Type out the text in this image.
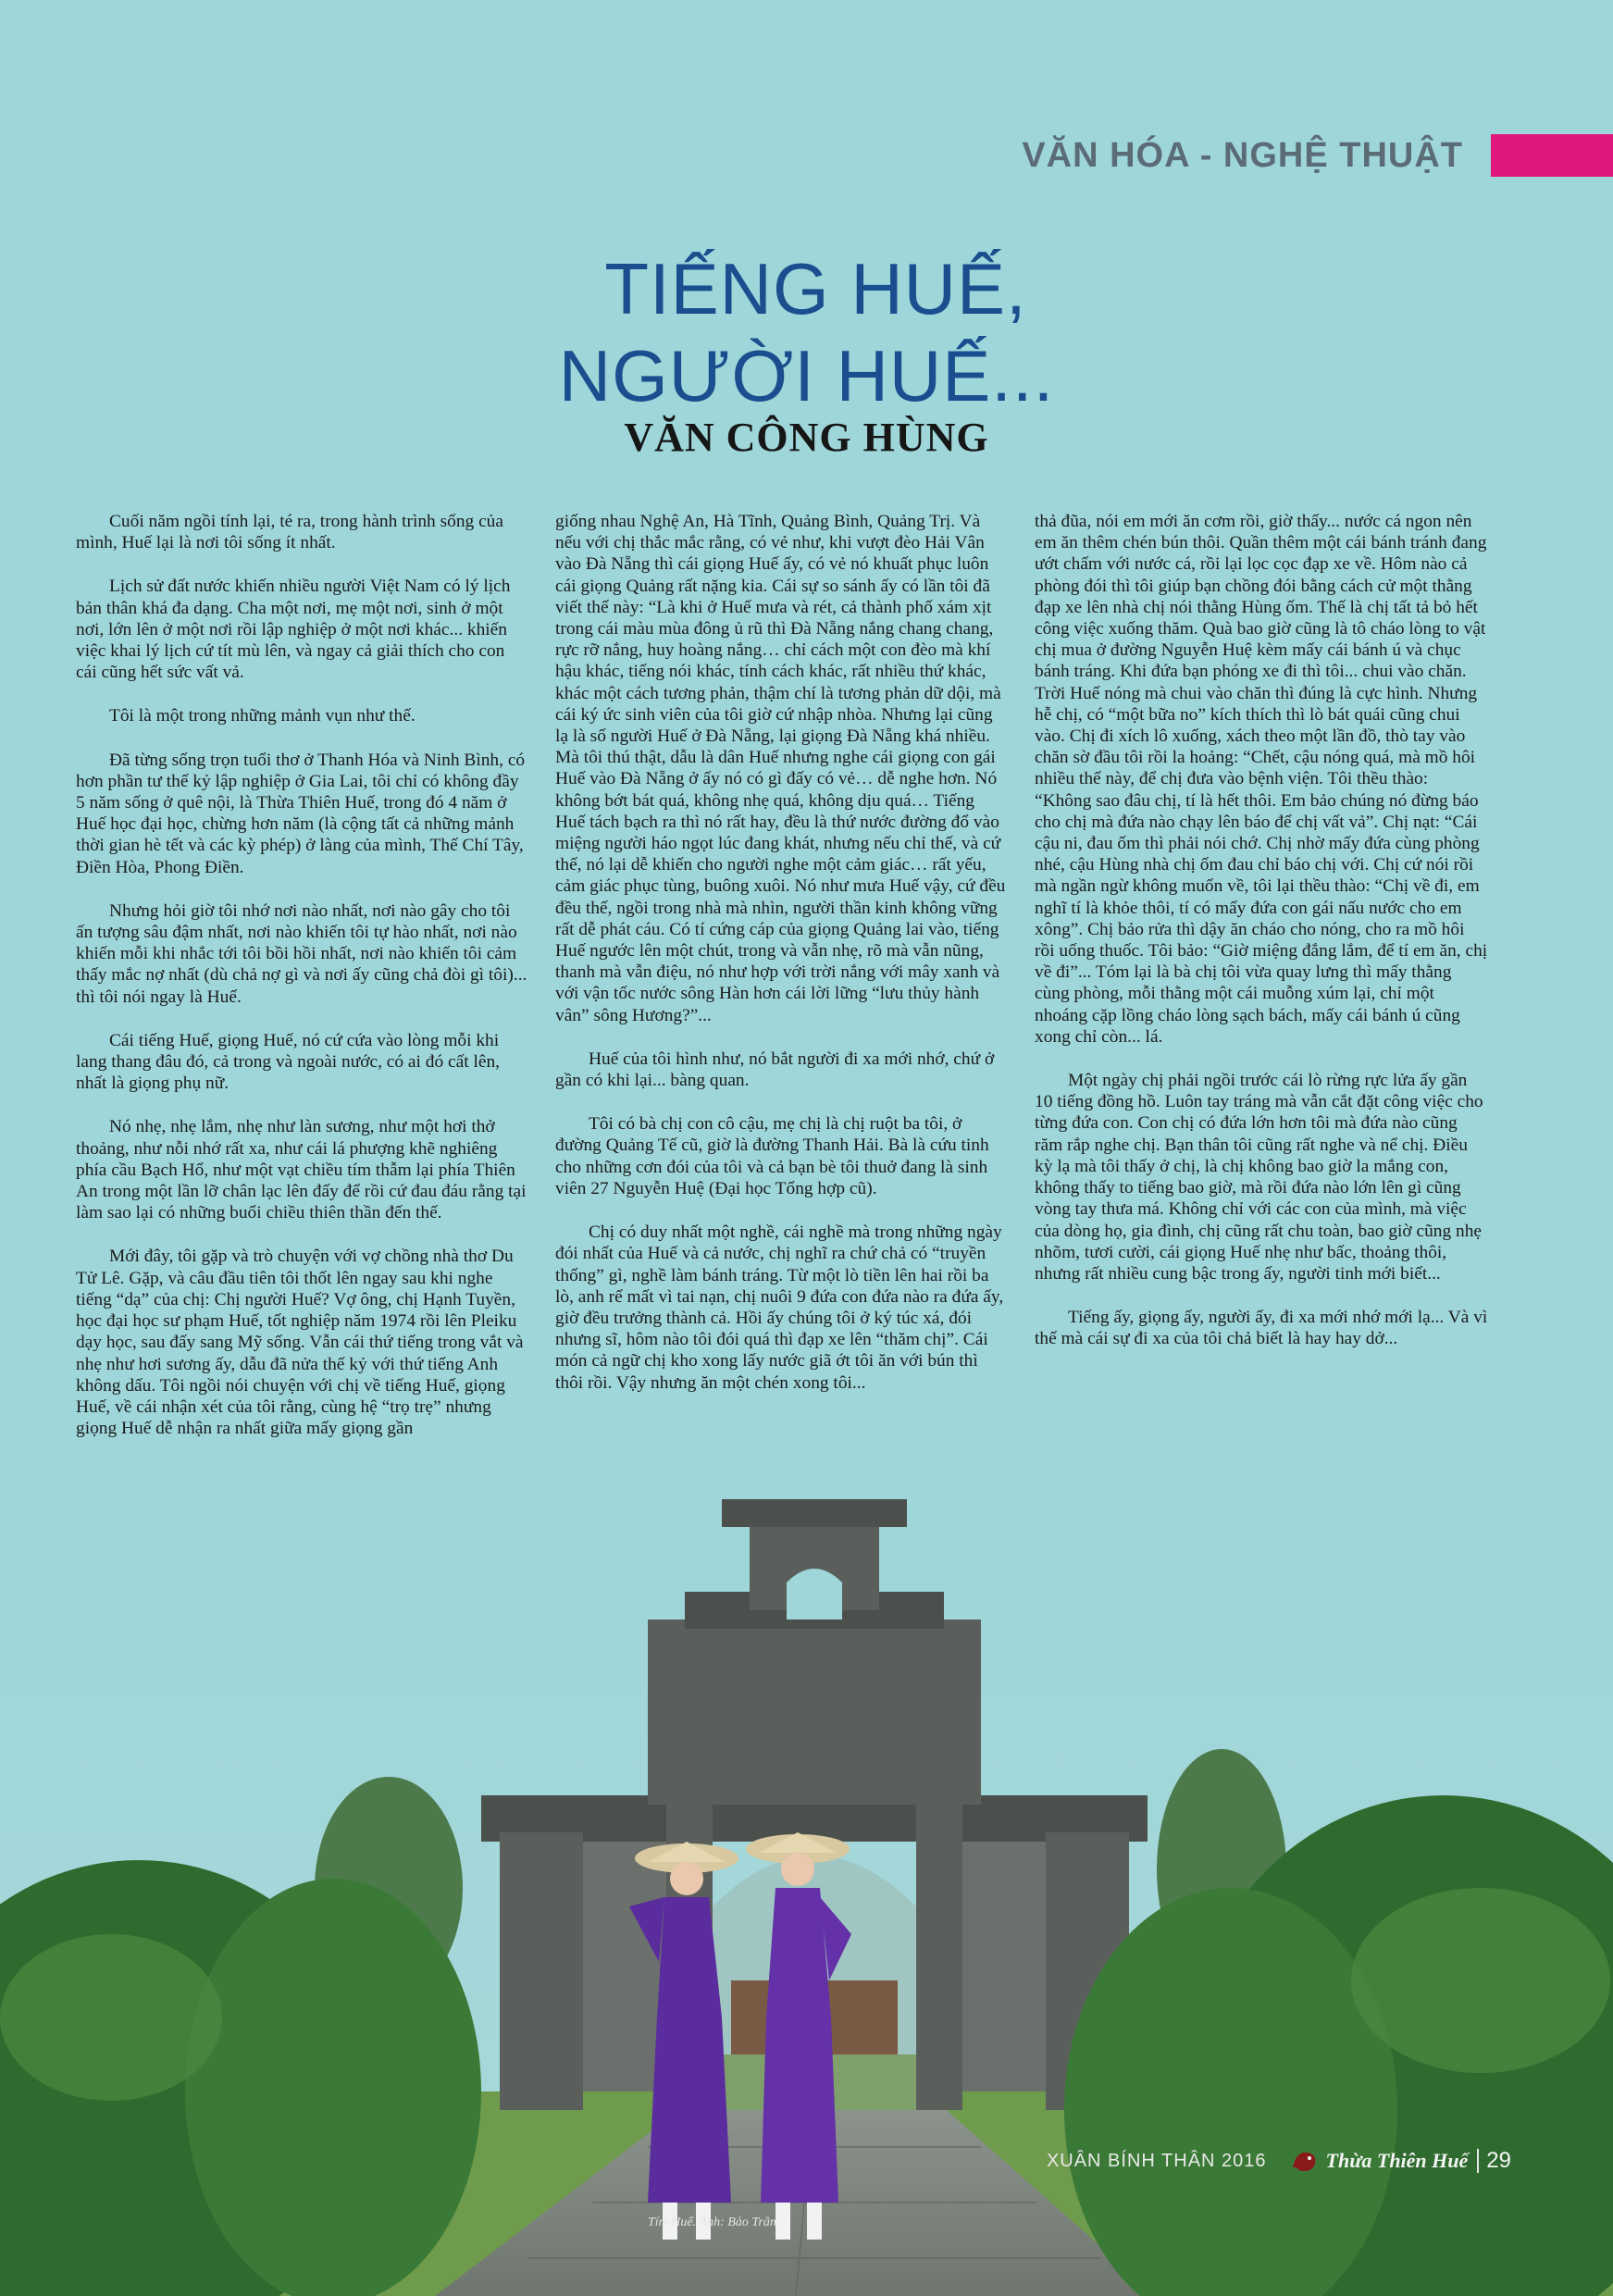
VĂN HÓA - NGHỆ THUẬT
TIẾNG HUẾ,
NGƯỜI HUẾ...
VĂN CÔNG HÙNG

Cuối năm ngồi tính lại, té ra, trong hành trình sống của mình, Huế lại là nơi tôi sống ít nhất.

Lịch sử đất nước khiến nhiều người Việt Nam có lý lịch bản thân khá đa dạng. Cha một nơi, mẹ một nơi, sinh ở một nơi, lớn lên ở một nơi rồi lập nghiệp ở một nơi khác... khiến việc khai lý lịch cứ tít mù lên, và ngay cả giải thích cho con cái cũng hết sức vất vả.

Tôi là một trong những mảnh vụn như thế.

Đã từng sống trọn tuổi thơ ở Thanh Hóa và Ninh Bình, có hơn phần tư thế kỷ lập nghiệp ở Gia Lai, tôi chỉ có không đầy 5 năm sống ở quê nội, là Thừa Thiên Huế, trong đó 4 năm ở Huế học đại học, chừng hơn năm (là cộng tất cả những mảnh thời gian hè tết và các kỳ phép) ở làng của mình, Thế Chí Tây, Điền Hòa, Phong Điền.

Nhưng hỏi giờ tôi nhớ nơi nào nhất, nơi nào gây cho tôi ấn tượng sâu đậm nhất, nơi nào khiến tôi tự hào nhất, nơi nào khiến mỗi khi nhắc tới tôi bồi hồi nhất, nơi nào khiến tôi cảm thấy mắc nợ nhất (dù chả nợ gì và nơi ấy cũng chả đòi gì tôi)... thì tôi nói ngay là Huế.

Cái tiếng Huế, giọng Huế, nó cứ cứa vào lòng mỗi khi lang thang đâu đó, cả trong và ngoài nước, có ai đó cất lên, nhất là giọng phụ nữ.

Nó nhẹ, nhẹ lắm, nhẹ như làn sương, như một hơi thở thoảng, như nỗi nhớ rất xa, như cái lá phượng khẽ nghiêng phía cầu Bạch Hổ, như một vạt chiều tím thẫm lại phía Thiên An trong một lần lỡ chân lạc lên đấy để rồi cứ đau đáu rằng tại làm sao lại có những buổi chiều thiên thần đến thế.

Mới đây, tôi gặp và trò chuyện với vợ chồng nhà thơ Du Tử Lê. Gặp, và câu đầu tiên tôi thốt lên ngay sau khi nghe tiếng “dạ” của chị: Chị người Huế? Vợ ông, chị Hạnh Tuyền, học đại học sư phạm Huế, tốt nghiệp năm 1974 rồi lên Pleiku dạy học, sau đấy sang Mỹ sống. Vẫn cái thứ tiếng trong vắt và nhẹ như hơi sương ấy, dẫu đã nửa thế kỷ với thứ tiếng Anh không dấu. Tôi ngồi nói chuyện với chị về tiếng Huế, giọng Huế, về cái nhận xét của tôi rằng, cùng hệ “trọ trẹ” nhưng giọng Huế dễ nhận ra nhất giữa mấy giọng gần

giống nhau Nghệ An, Hà Tĩnh, Quảng Bình, Quảng Trị. Và nếu với chị thắc mắc rằng, có vẻ như, khi vượt đèo Hải Vân vào Đà Nẵng thì cái giọng Huế ấy, có vẻ nó khuất phục luôn cái giọng Quảng rất nặng kia. Cái sự so sánh ấy có lần tôi đã viết thế này: “Là khi ở Huế mưa và rét, cả thành phố xám xịt trong cái màu mùa đông ủ rũ thì Đà Nẵng nắng chang chang, rực rỡ nắng, huy hoàng nắng… chỉ cách một con đèo mà khí hậu khác, tiếng nói khác, tính cách khác, rất nhiều thứ khác, khác một cách tương phản, thậm chí là tương phản dữ dội, mà cái ký ức sinh viên của tôi giờ cứ nhập nhòa. Nhưng lại cũng lạ là số người Huế ở Đà Nẵng, lại giọng Đà Nẵng khá nhiều. Mà tôi thú thật, dẫu là dân Huế nhưng nghe cái giọng con gái Huế vào Đà Nẵng ở ấy nó có gì đấy có vẻ… dễ nghe hơn. Nó không bớt bát quá, không nhẹ quá, không dịu quá… Tiếng Huế tách bạch ra thì nó rất hay, đều là thứ nước đường đổ vào miệng người háo ngọt lúc đang khát, nhưng nếu chỉ thế, và cứ thế, nó lại dễ khiến cho người nghe một cảm giác… rất yếu, cảm giác phục tùng, buông xuôi. Nó như mưa Huế vậy, cứ đều đều thế, ngồi trong nhà mà nhìn, người thần kinh không vững rất dễ phát cáu. Có tí cứng cáp của giọng Quảng lai vào, tiếng Huế ngước lên một chút, trong và vẫn nhẹ, rõ mà vẫn nũng, thanh mà vẫn điệu, nó như hợp với trời nắng với mây xanh và với vận tốc nước sông Hàn hơn cái lời lững “lưu thủy hành vân” sông Hương?”...

Huế của tôi hình như, nó bắt người đi xa mới nhớ, chứ ở gần có khi lại... bàng quan.

Tôi có bà chị con cô cậu, mẹ chị là chị ruột ba tôi, ở đường Quảng Tế cũ, giờ là đường Thanh Hải. Bà là cứu tinh cho những cơn đói của tôi và cả bạn bè tôi thuở đang là sinh viên 27 Nguyễn Huệ (Đại học Tổng hợp cũ).

Chị có duy nhất một nghề, cái nghề mà trong những ngày đói nhất của Huế và cả nước, chị nghĩ ra chứ chả có “truyền thống” gì, nghề làm bánh tráng. Từ một lò tiền lên hai rồi ba lò, anh rể mất vì tai nạn, chị nuôi 9 đứa con đứa nào ra đứa ấy, giờ đều trưởng thành cả. Hồi ấy chúng tôi ở ký túc xá, đói nhưng sĩ, hôm nào tôi đói quá thì đạp xe lên “thăm chị”. Cái món cả ngữ chị kho xong lấy nước giã ớt tôi ăn với bún thì thôi rồi. Vậy nhưng ăn một chén xong tôi...

thả đũa, nói em mới ăn cơm rồi, giờ thấy... nước cá ngon nên em ăn thêm chén bún thôi. Quần thêm một cái bánh tránh đang ướt chấm với nước cá, rồi lại lọc cọc đạp xe về. Hôm nào cả phòng đói thì tôi giúp bạn chồng đói bằng cách cử một thằng đạp xe lên nhà chị nói thằng Hùng ốm. Thế là chị tất tả bỏ hết công việc xuống thăm. Quà bao giờ cũng là tô cháo lòng to vật chị mua ở đường Nguyễn Huệ kèm mấy cái bánh ú và chục bánh tráng. Khi đứa bạn phóng xe đi thì tôi... chui vào chăn. Trời Huế nóng mà chui vào chăn thì đúng là cực hình. Nhưng hễ chị, có “một bữa no” kích thích thì lò bát quái cũng chui vào. Chị đi xích lô xuống, xách theo một lần đồ, thò tay vào chăn sờ đầu tôi rồi la hoảng: “Chết, cậu nóng quá, mà mồ hôi nhiều thế này, để chị đưa vào bệnh viện. Tôi thều thào: “Không sao đâu chị, tí là hết thôi. Em bảo chúng nó đừng báo cho chị mà đứa nào chạy lên báo để chị vất vả”. Chị nạt: “Cái cậu ni, đau ốm thì phải nói chớ. Chị nhờ mấy đứa cùng phòng nhé, cậu Hùng nhà chị ốm đau chỉ báo chị với. Chị cứ nói rồi mà ngần ngừ không muốn về, tôi lại thều thào: “Chị về đi, em nghĩ tí là khỏe thôi, tí có mấy đứa con gái nấu nước cho em xông”. Chị bảo rửa thì dậy ăn cháo cho nóng, cho ra mồ hôi rồi uống thuốc. Tôi bảo: “Giờ miệng đắng lắm, để tí em ăn, chị về đi”... Tóm lại là bà chị tôi vừa quay lưng thì mấy thằng cùng phòng, mỗi thằng một cái muỗng xúm lại, chỉ một nhoáng cặp lồng cháo lòng sạch bách, mấy cái bánh ú cũng xong chỉ còn... lá.

Một ngày chị phải ngồi trước cái lò rừng rực lửa ấy gần 10 tiếng đồng hồ. Luôn tay tráng mà vẫn cắt đặt công việc cho từng đứa con. Con chị có đứa lớn hơn tôi mà đứa nào cũng răm rắp nghe chị. Bạn thân tôi cũng rất nghe và nể chị. Điều kỳ lạ mà tôi thấy ở chị, là chị không bao giờ la mắng con, không thấy to tiếng bao giờ, mà rồi đứa nào lớn lên gì cũng vòng tay thưa má. Không chỉ với các con của mình, mà việc của dòng họ, gia đình, chị cũng rất chu toàn, bao giờ cũng nhẹ nhõm, tươi cười, cái giọng Huế nhẹ như bấc, thoảng thôi, nhưng rất nhiều cung bậc trong ấy, người tinh mới biết...

Tiếng ấy, giọng ấy, người ấy, đi xa mới nhớ mới lạ... Và vì thế mà cái sự đi xa của tôi chả biết là hay hay dở...

Tím Huế. Ảnh: Bảo Trân
XUÂN BÍNH THÂN 2016	Thừa Thiên Huế 29
